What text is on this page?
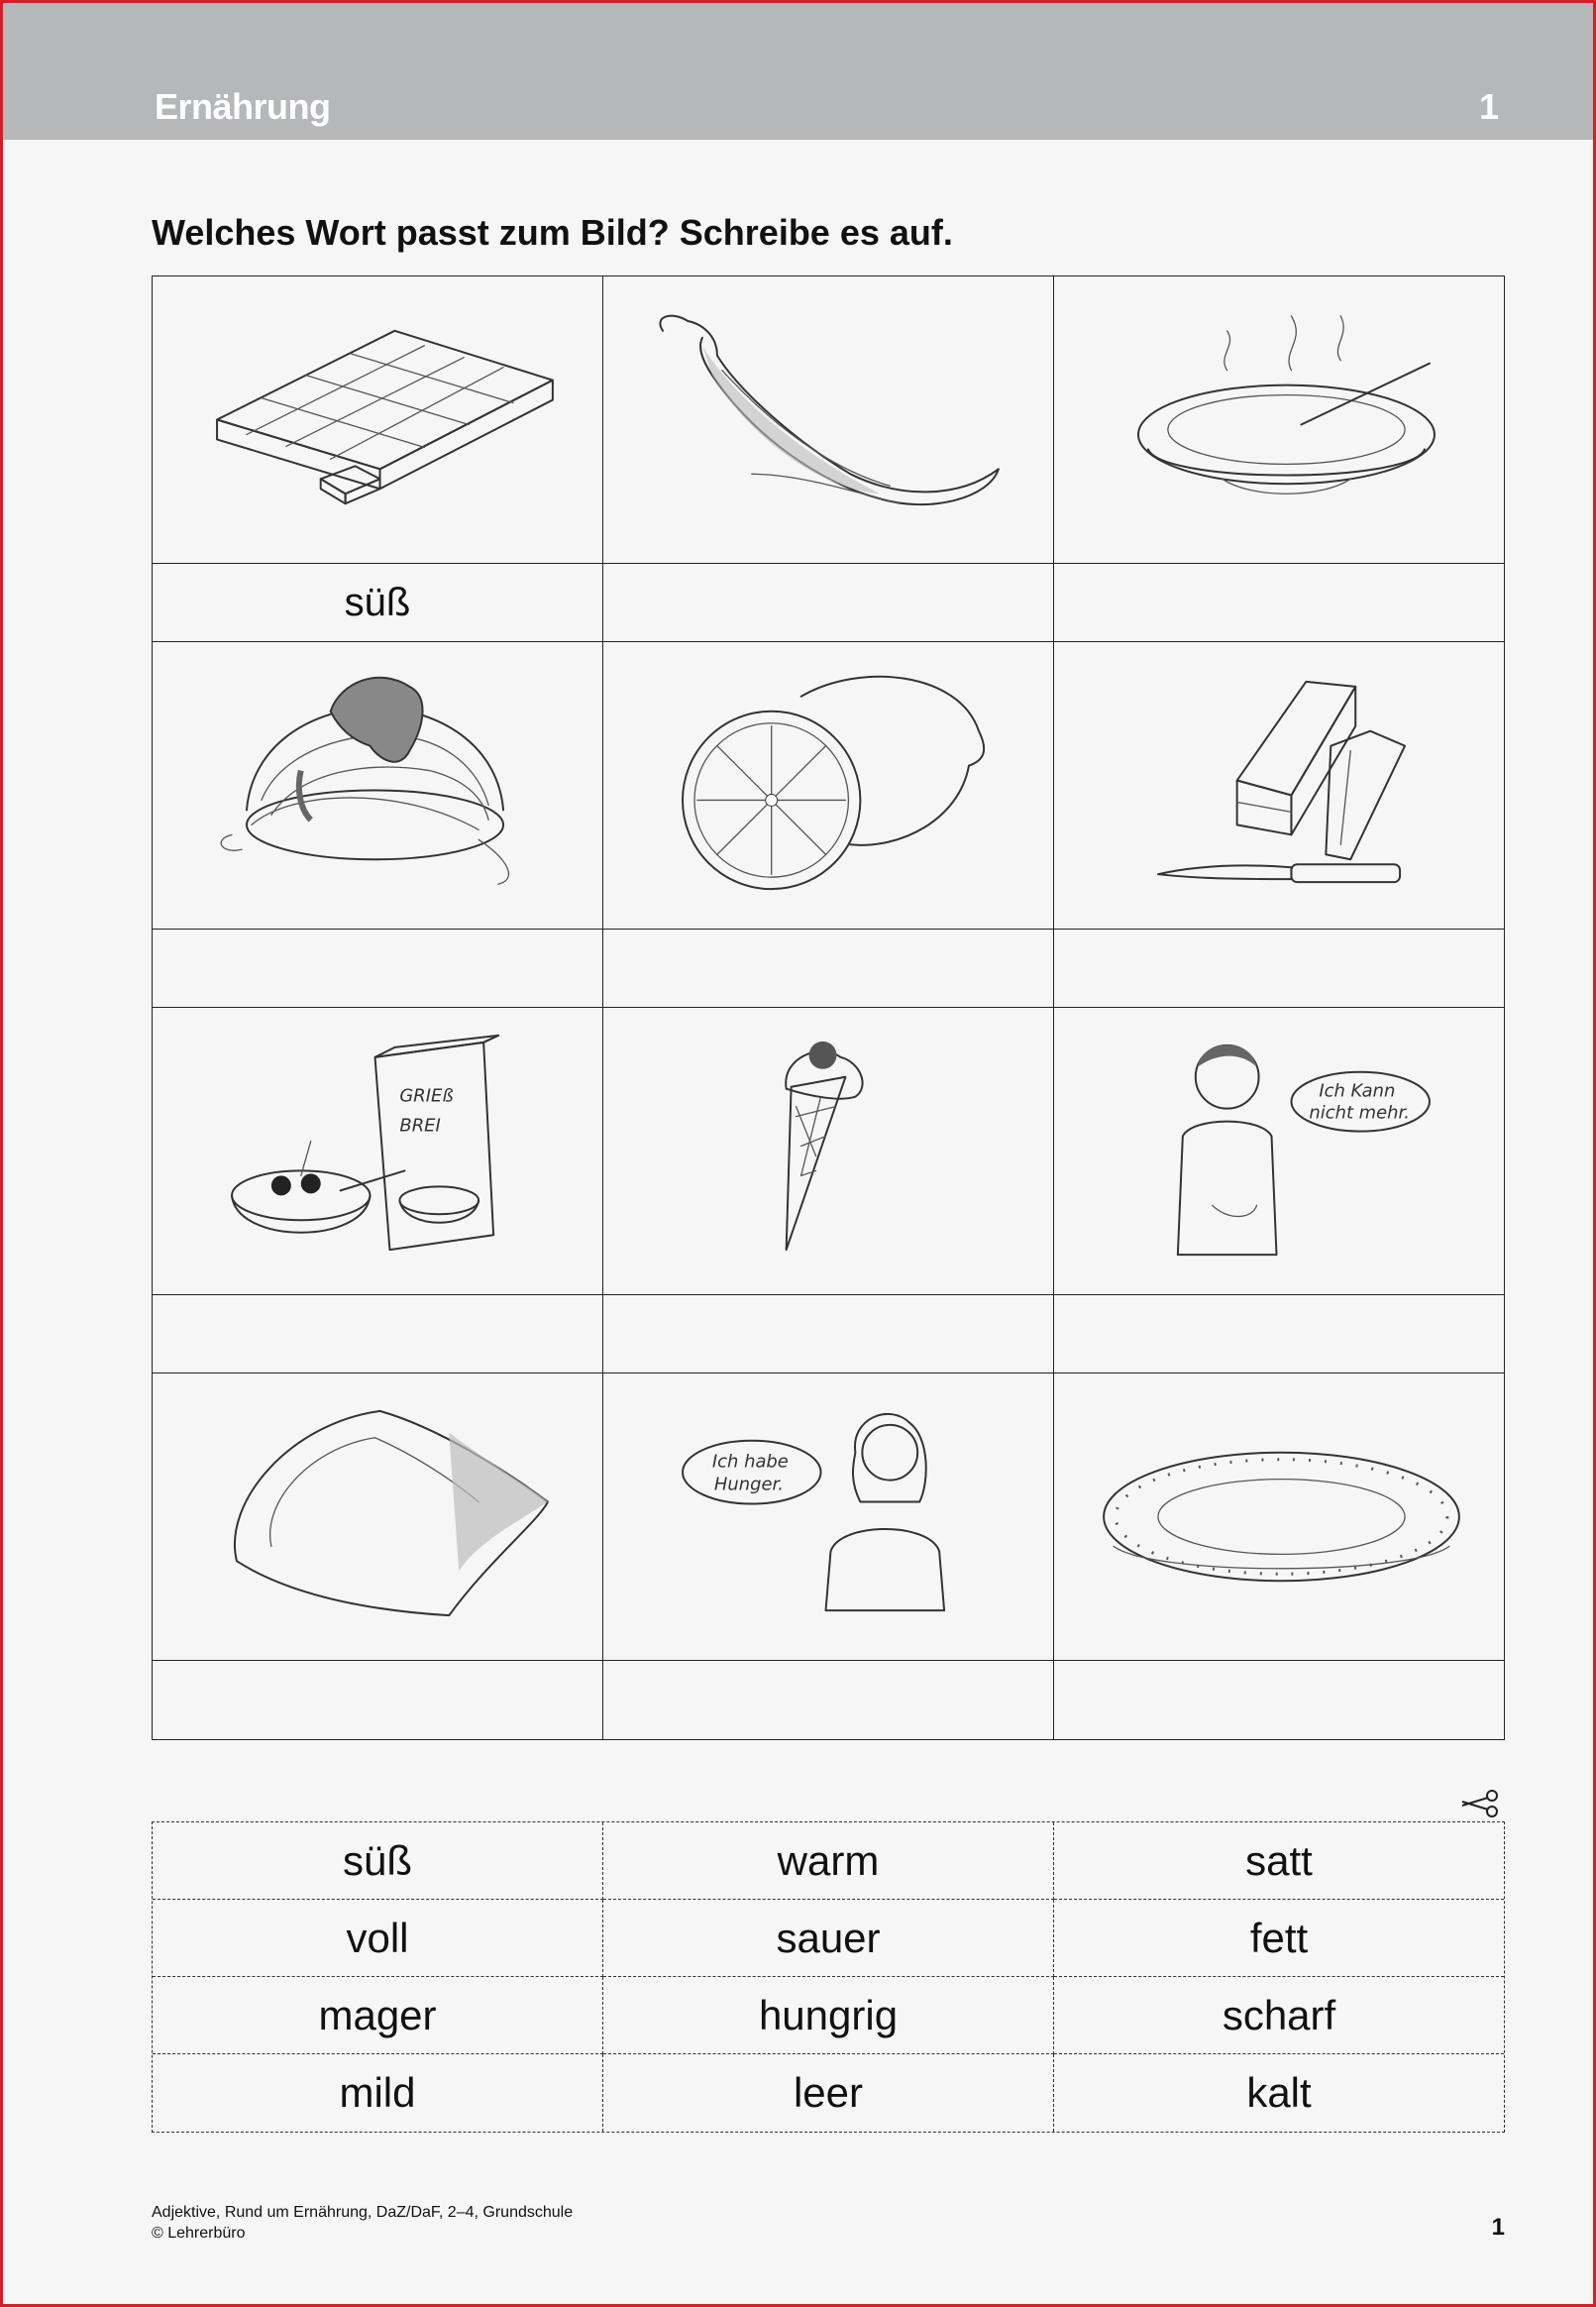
Ernährung	1
Welches Wort passt zum Bild? Schreibe es auf.
süß
GRIEß
BREI
Ich Kann
nicht mehr.
Ich habe
Hunger.
süß	warm	satt
voll	sauer	fett
mager	hungrig	scharf
mild	leer	kalt
Adjektive, Rund um Ernährung, DaZ/DaF, 2–4, Grundschule
© Lehrerbüro	1
